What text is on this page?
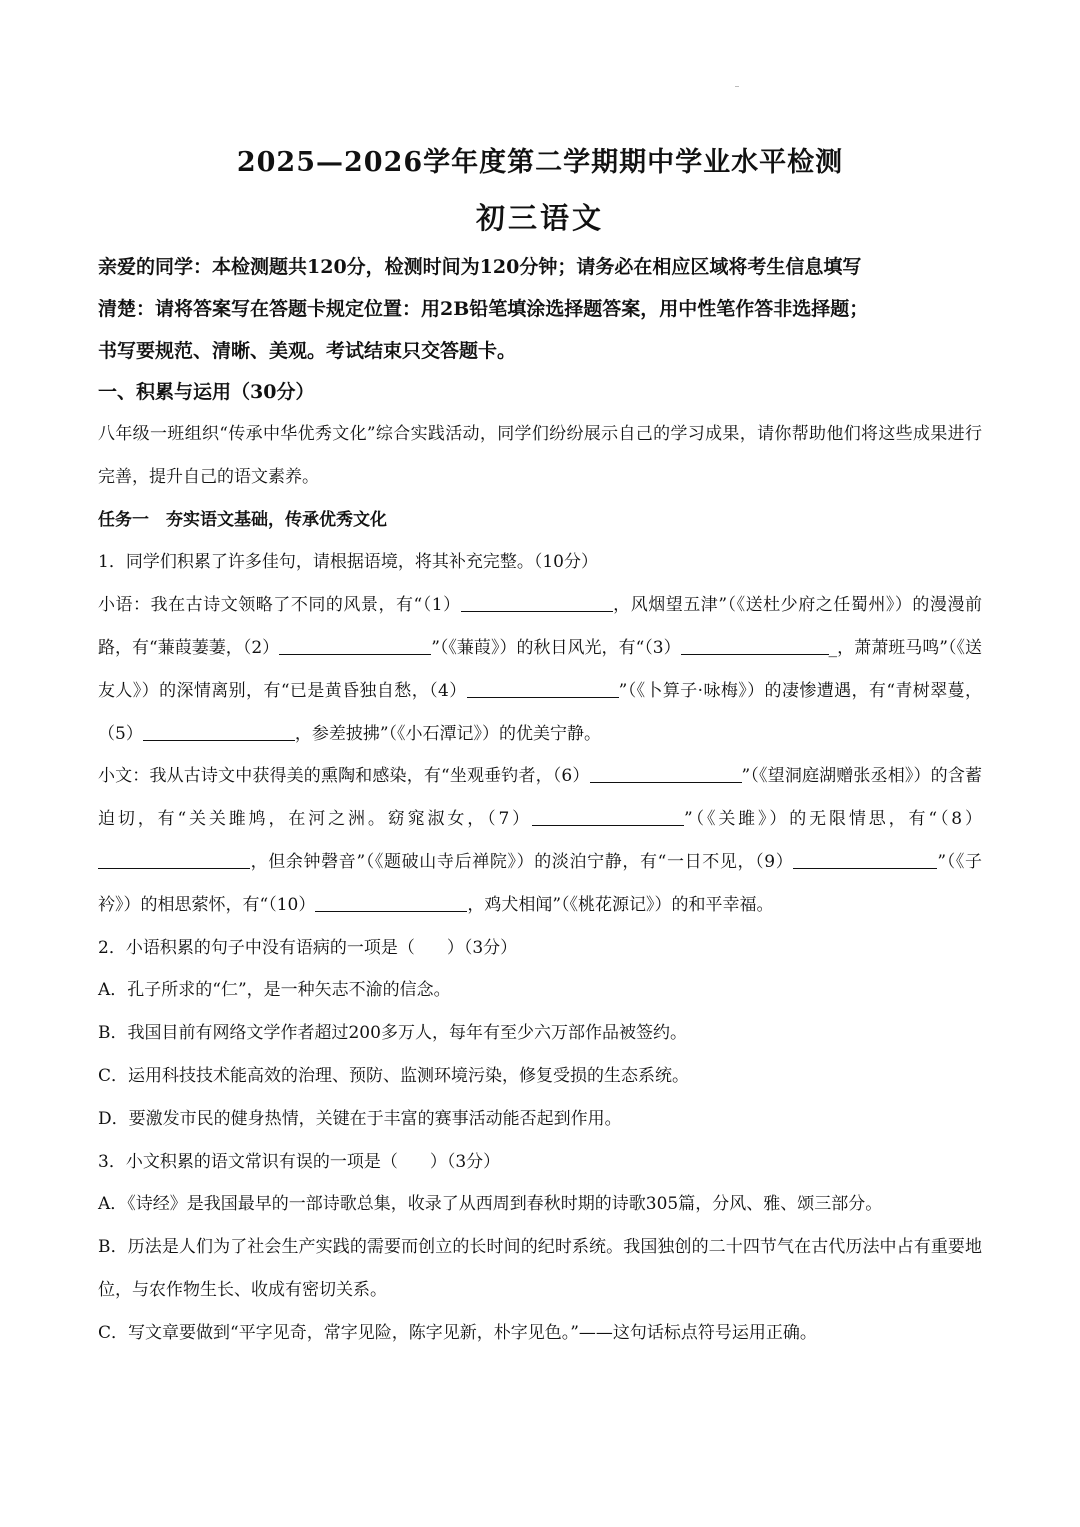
2025—2026学年度第二学期期中学业水平检测
初三语文
亲爱的同学：本检测题共120分，检测时间为120分钟；请务必在相应区域将考生信息填写
清楚：请将答案写在答题卡规定位置：用2B铅笔填涂选择题答案，用中性笔作答非选择题；
书写要规范、清晰、美观。考试结束只交答题卡。
一、积累与运用（30分）

八年级一班组织“传承中华优秀文化”综合实践活动，同学们纷纷展示自己的学习成果，请你帮助他们将这些成果进行完善，提升自己的语文素养。

任务一　夯实语文基础，传承优秀文化

1．同学们积累了许多佳句，请根据语境，将其补充完整。（10分）

小语：我在古诗文领略了不同的风景，有“（1）	，风烟望五津”（《送杜少府之任蜀州》）的漫漫前路，有“蒹葭萋萋，（2）	”（《蒹葭》）的秋日风光，有“（3）	_，萧萧班马鸣”（《送友人》）的深情离别，有“已是黄昏独自愁，（4）	”（《卜算子·咏梅》）的凄惨遭遇，有“青树翠蔓，（5）	，参差披拂”（《小石潭记》）的优美宁静。

小文：我从古诗文中获得美的熏陶和感染，有“坐观垂钓者，（6）	”（《望洞庭湖赠张丞相》）的含蓄迫切，有“关关雎鸠，在河之洲。窈窕淑女，（7）	”（《关雎》）的无限情思，有“（8），但余钟磬音”（《题破山寺后禅院》）的淡泊宁静，有“一日不见，（9）	”（《子衿》）的相思萦怀，有“（10）	，鸡犬相闻”（《桃花源记》）的和平幸福。

2．小语积累的句子中没有语病的一项是（ ）（3分）

A．孔子所求的“仁”，是一种矢志不渝的信念。

B．我国目前有网络文学作者超过200多万人，每年有至少六万部作品被签约。

C．运用科技技术能高效的治理、预防、监测环境污染，修复受损的生态系统。

D．要激发市民的健身热情，关键在于丰富的赛事活动能否起到作用。

3．小文积累的语文常识有误的一项是（ ）（3分）

A．《诗经》是我国最早的一部诗歌总集，收录了从西周到春秋时期的诗歌305篇，分风、雅、颂三部分。

B．历法是人们为了社会生产实践的需要而创立的长时间的纪时系统。我国独创的二十四节气在古代历法中占有重要地位，与农作物生长、收成有密切关系。

C．写文章要做到“平字见奇，常字见险，陈字见新，朴字见色。”——这句话标点符号运用正确。
